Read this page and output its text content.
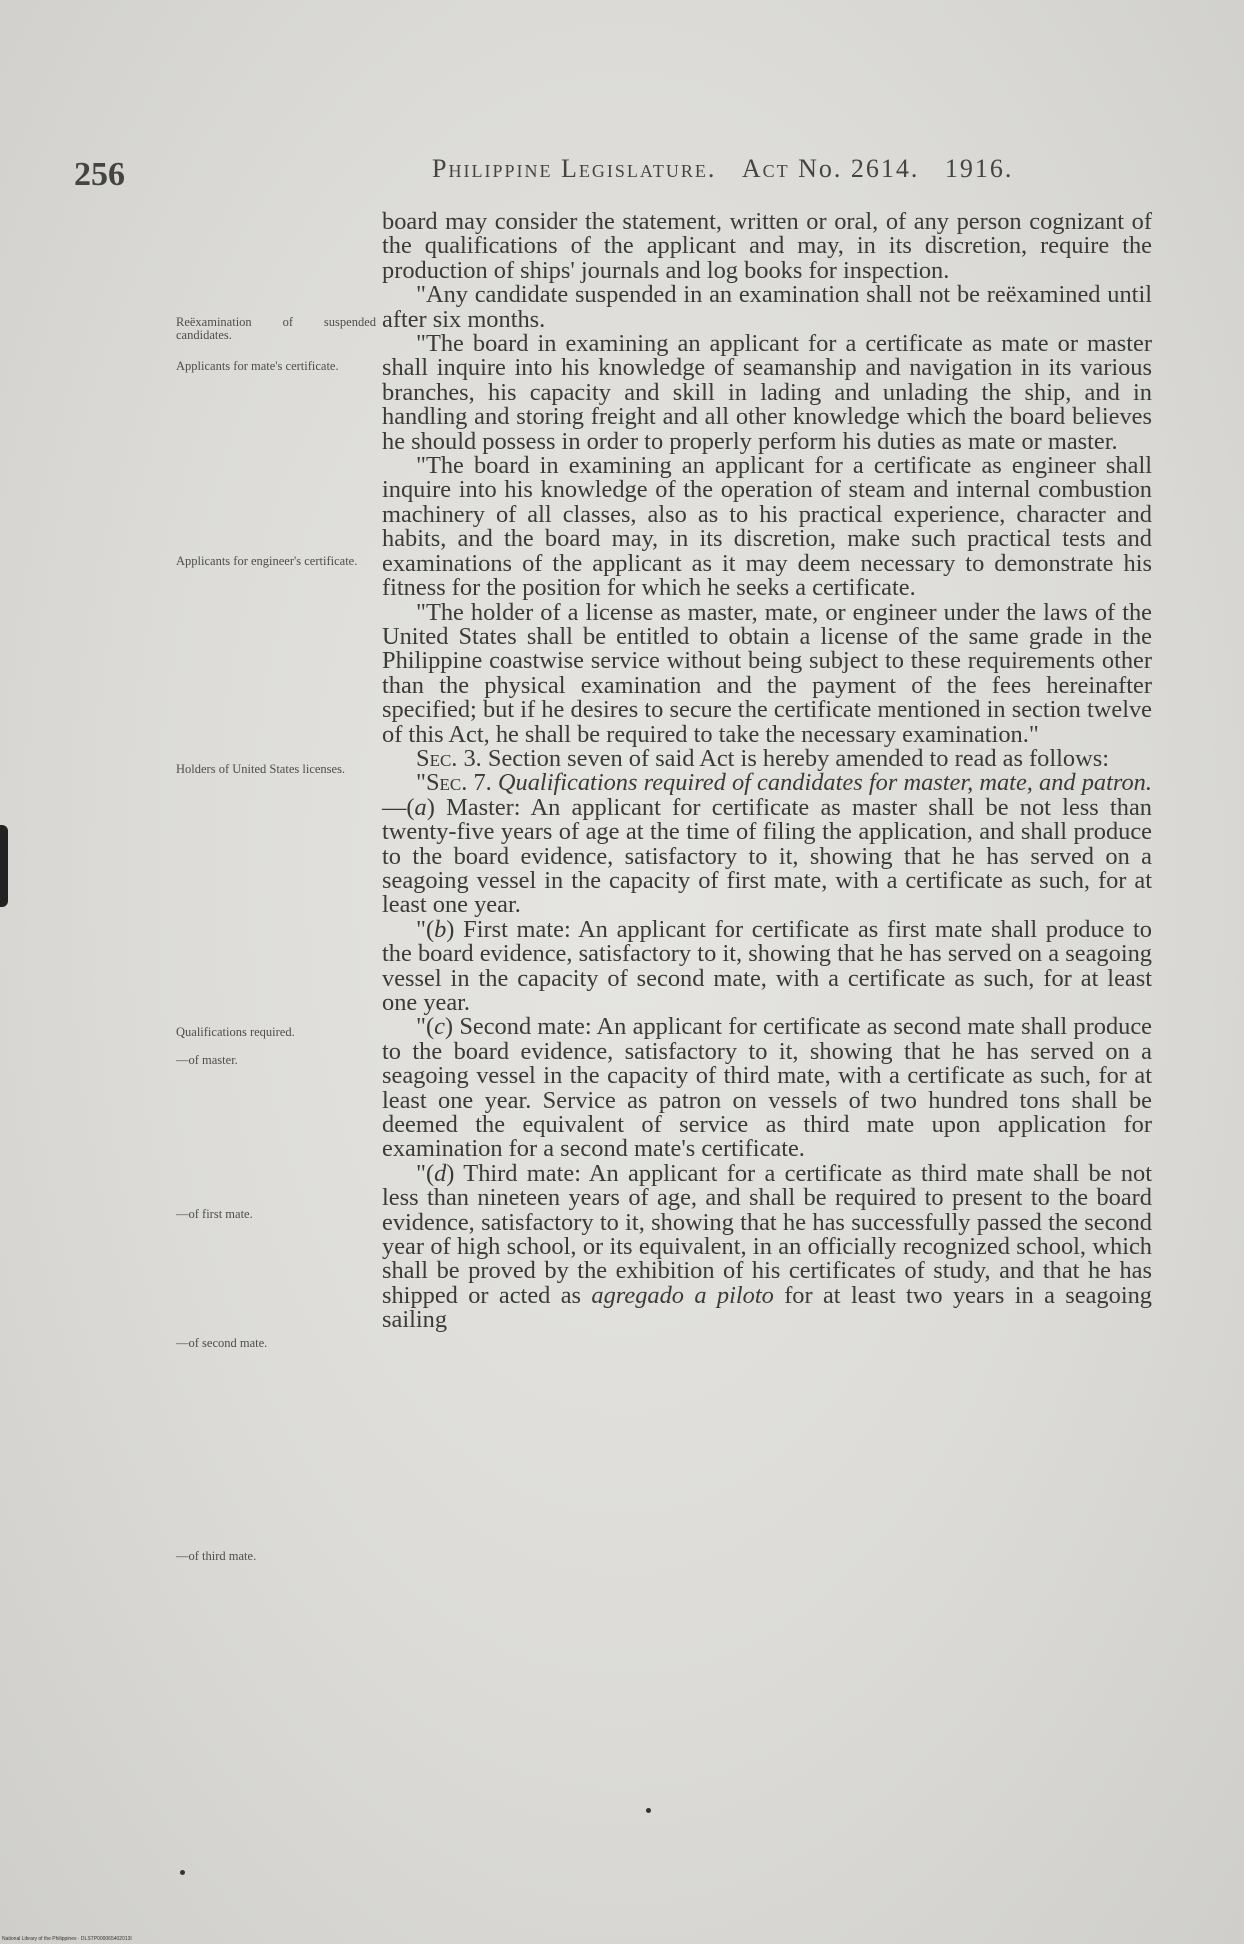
256	Philippine Legislature. Act No. 2614. 1916.
Reëxamination of suspended candidates.
Applicants for mate's certificate.
Applicants for engineer's certificate.
Holders of United States licenses.
Qualifications required.
—of master.
—of first mate.
—of second mate.
—of third mate.

board may consider the statement, written or oral, of any person cognizant of the qualifications of the applicant and may, in its discretion, require the production of ships' journals and log books for inspection.

"Any candidate suspended in an examination shall not be reëxamined until after six months.

"The board in examining an applicant for a certificate as mate or master shall inquire into his knowledge of seamanship and navigation in its various branches, his capacity and skill in lading and unlading the ship, and in handling and storing freight and all other knowledge which the board believes he should possess in order to properly perform his duties as mate or master.

"The board in examining an applicant for a certificate as engineer shall inquire into his knowledge of the operation of steam and internal combustion machinery of all classes, also as to his practical experience, character and habits, and the board may, in its discretion, make such practical tests and examinations of the applicant as it may deem necessary to demonstrate his fitness for the position for which he seeks a certificate.

"The holder of a license as master, mate, or engineer under the laws of the United States shall be entitled to obtain a license of the same grade in the Philippine coastwise service without being subject to these requirements other than the physical examination and the payment of the fees hereinafter specified; but if he desires to secure the certificate mentioned in section twelve of this Act, he shall be required to take the necessary examination."

Sec. 3. Section seven of said Act is hereby amended to read as follows:

"Sec. 7. Qualifications required of candidates for master, mate, and patron.—(a) Master: An applicant for certificate as master shall be not less than twenty-five years of age at the time of filing the application, and shall produce to the board evidence, satisfactory to it, showing that he has served on a seagoing vessel in the capacity of first mate, with a certificate as such, for at least one year.

"(b) First mate: An applicant for certificate as first mate shall produce to the board evidence, satisfactory to it, showing that he has served on a seagoing vessel in the capacity of second mate, with a certificate as such, for at least one year.

"(c) Second mate: An applicant for certificate as second mate shall produce to the board evidence, satisfactory to it, showing that he has served on a seagoing vessel in the capacity of third mate, with a certificate as such, for at least one year. Service as patron on vessels of two hundred tons shall be deemed the equivalent of service as third mate upon application for examination for a second mate's certificate.

"(d) Third mate: An applicant for a certificate as third mate shall be not less than nineteen years of age, and shall be required to present to the board evidence, satisfactory to it, showing that he has successfully passed the second year of high school, or its equivalent, in an officially recognized school, which shall be proved by the exhibition of his certificates of study, and that he has shipped or acted as agregado a piloto for at least two years in a seagoing sailing

National Library of the Philippines · DLSTP000065402013I
